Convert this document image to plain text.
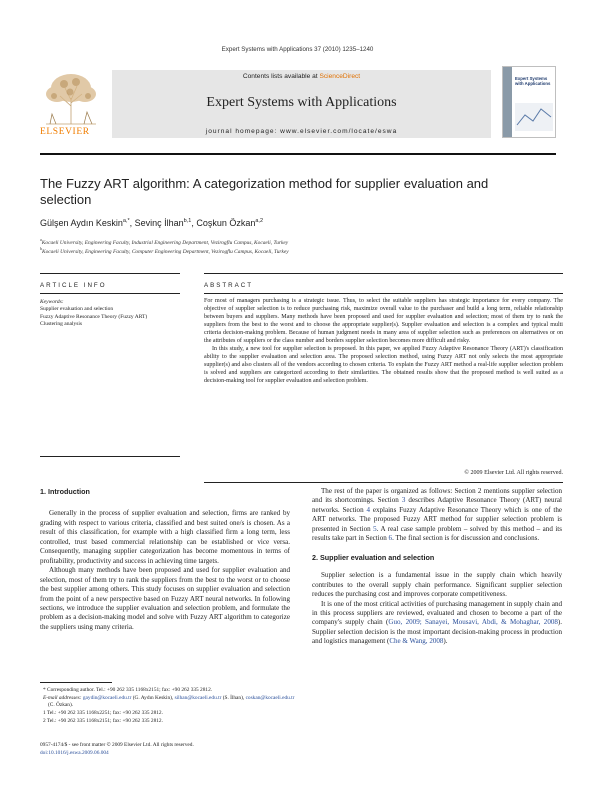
Expert Systems with Applications 37 (2010) 1235–1240
ELSEVIER
Contents lists available at ScienceDirect
Expert Systems with Applications
journal homepage: www.elsevier.com/locate/eswa
Expert Systems with Applications
The Fuzzy ART algorithm: A categorization method for supplier evaluation and selection
Gülşen Aydın Keskin$^{a,*}$, Sevinç İlhan$^{b,1}$, Coşkun Özkan$^{a,2}$
$^a$Kocaeli University, Engineering Faculty, Industrial Engineering Department, Vezirogflu Campus, Kocaeli, Turkey
$^b$Kocaeli University, Engineering Faculty, Computer Engineering Department, Vezirogflu Campus, Kocaeli, Turkey
ARTICLE INFO	ABSTRACT
Keywords:
Supplier evaluation and selection
Fuzzy Adaptive Resonance Theory (Fuzzy ART)
Clustering analysis

For most of managers purchasing is a strategic issue. Thus, to select the suitable suppliers has strategic importance for every company. The objective of supplier selection is to reduce purchasing risk, maximize overall value to the purchaser and build a long term, reliable relationship between buyers and suppliers. Many methods have been proposed and used for supplier evaluation and selection; most of them try to rank the suppliers from the best to the worst and to choose the appropriate supplier(s). Supplier evaluation and selection is a complex and typical multi criteria decision-making problem. Because of human judgment needs in many area of supplier selection such as preferences on alternatives or on the attributes of suppliers or the class number and borders supplier selection becomes more difficult and risky.

In this study, a new tool for supplier selection is proposed. In this paper, we applied Fuzzy Adaptive Resonance Theory (ART)'s classification ability to the supplier evaluation and selection area. The proposed selection method, using Fuzzy ART not only selects the most appropriate supplier(s) and also clusters all of the vendors according to chosen criteria. To explain the Fuzzy ART method a real-life supplier selection problem is solved and suppliers are categorized according to their similarities. The obtained results show that the proposed method is well suited as a decision-making tool for supplier evaluation and selection problem.

© 2009 Elsevier Ltd. All rights reserved.
1. Introduction

Generally in the process of supplier evaluation and selection, firms are ranked by grading with respect to various criteria, classified and best suited one/s is chosen. As a result of this classification, for example with a high classified firm a long term, less controlled, trust based commercial relationship can be established or vice versa. Consequently, managing supplier categorization has become momentous in terms of profitability, productivity and success in achieving time targets.

Although many methods have been proposed and used for supplier evaluation and selection, most of them try to rank the suppliers from the best to the worst or to choose the best supplier among others. This study focuses on supplier evaluation and selection from the point of a new perspective based on Fuzzy ART neural networks. In following sections, we introduce the supplier evaluation and selection problem, and formulate the problem as a decision-making model and solve with Fuzzy ART algorithm to categorize the suppliers using many criteria.

The rest of the paper is organized as follows: Section 2 mentions supplier selection and its shortcomings. Section 3 describes Adaptive Resonance Theory (ART) neural networks. Section 4 explains Fuzzy Adaptive Resonance Theory which is one of the ART networks. The proposed Fuzzy ART method for supplier selection problem is presented in Section 5. A real case sample problem – solved by this method – and its results take part in Section 6. The final section is for discussion and conclusions.

2. Supplier evaluation and selection

Supplier selection is a fundamental issue in the supply chain which heavily contributes to the overall supply chain performance. Significant supplier selection reduces the purchasing cost and improves corporate competitiveness.

It is one of the most critical activities of purchasing management in supply chain and in this process suppliers are reviewed, evaluated and chosen to become a part of the company's supply chain (Guo, 2009; Sanayei, Mousavi, Abdi, & Mohaghar, 2008). Supplier selection decision is the most important decision-making process in production and logistics management (Che & Wang, 2008).

* Corresponding author. Tel.: +90 262 335 1168x2151; fax: +90 262 335 2812.
E-mail addresses: gaydin@kocaeli.edu.tr (G. Aydın Keskin), silhan@kocaeli.edu.tr (S. İlhan), coskan@kocaeli.edu.tr (C. Özkan).
1 Tel.: +90 262 335 1168x2251; fax: +90 262 335 2812.
2 Tel.: +90 262 335 1168x2151; fax: +90 262 335 2812.
0957-4174/$ - see front matter © 2009 Elsevier Ltd. All rights reserved.
doi:10.1016/j.eswa.2009.06.004
